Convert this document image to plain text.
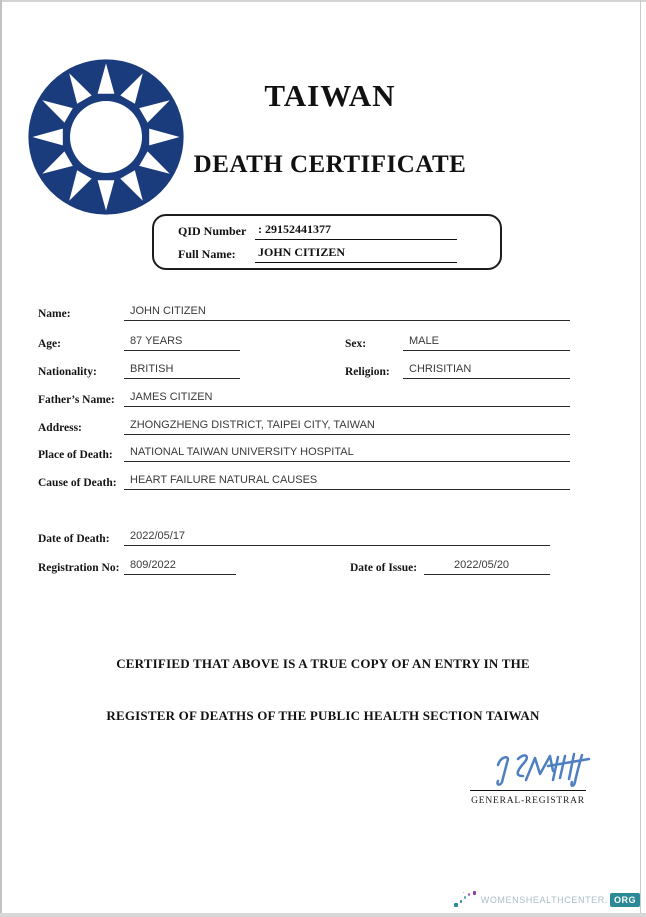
TAIWAN
DEATH CERTIFICATE
QID Number : 29152441377
Full Name: JOHN CITIZEN
Name:	JOHN CITIZEN
Age:	87 YEARS	Sex:	MALE
Nationality:	BRITISH	Religion:	CHRISITIAN
Father’s Name:	JAMES CITIZEN
Address:	ZHONGZHENG DISTRICT, TAIPEI CITY, TAIWAN
Place of Death:	NATIONAL TAIWAN UNIVERSITY HOSPITAL
Cause of Death:	HEART FAILURE NATURAL CAUSES
Date of Death:	2022/05/17
Registration No: 809/2022	Date of Issue:	2022/05/20
CERTIFIED THAT ABOVE IS A TRUE COPY OF AN ENTRY IN THE
REGISTER OF DEATHS OF THE PUBLIC HEALTH SECTION TAIWAN
GENERAL-REGISTRAR
WOMENSHEALTHCENTER. ORG
